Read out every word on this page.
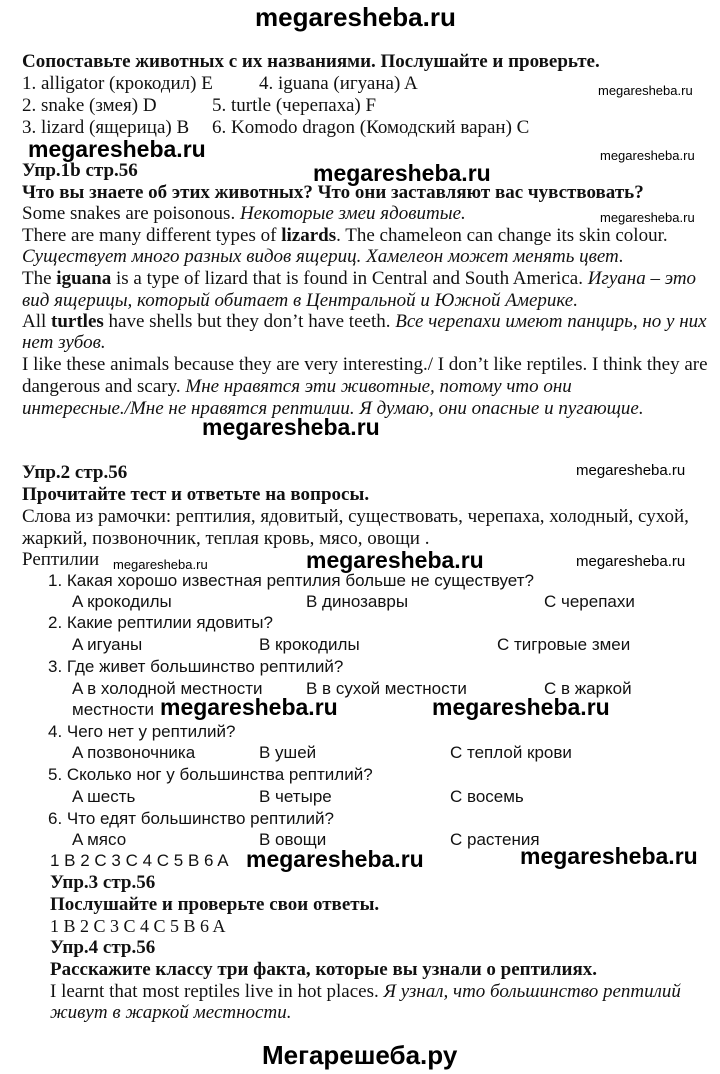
megaresheba.ru
Сопоставьте животных с их названиями. Послушайте и проверьте.
1. alligator (крокодил) E 4. iguana (игуана) A
2. snake (змея) D	5. turtle (черепаха) F
3. lizard (ящерица) B 6. Komodo dragon (Комодский варан) C
megaresheba.ru
megaresheba.ru
Упр.1b стр.56	megaresheba.ru
megaresheba.ru
Что вы знаете об этих животных? Что они заставляют вас чувствовать?
Some snakes are poisonous. Некоторые змеи ядовитые.	megaresheba.ru
There are many different types of lizards. The chameleon can change its skin colour.
Существует много разных видов ящериц. Хамелеон может менять цвет.
The iguana is a type of lizard that is found in Central and South America. Игуана – это
вид ящерицы, который обитает в Центральной и Южной Америке.
All turtles have shells but they don’t have teeth. Все черепахи имеют панцирь, но у них
нет зубов.
I like these animals because they are very interesting./ I don’t like reptiles. I think they are
dangerous and scary. Мне нравятся эти животные, потому что они
интересные./Мне не нравятся рептилии. Я думаю, они опасные и пугающие.
megaresheba.ru
Упр.2 стр.56	megaresheba.ru
Прочитайте тест и ответьте на вопросы.
Слова из рамочки: рептилия, ядовитый, существовать, черепаха, холодный, сухой,
жаркий, позвоночник, теплая кровь, мясо, овощи .
Рептилии megaresheba.ru	megaresheba.ru	megaresheba.ru
1. Какая хорошо известная рептилия больше не существует?
A крокодилы	B динозавры	C черепахи
2. Какие рептилии ядовиты?
A игуаны	B крокодилы	C тигровые змеи
3. Где живет большинство рептилий?
A в холодной местности	B в сухой местности	C в жаркой
местности megaresheba.ru	megaresheba.ru
4. Чего нет у рептилий?
A позвоночника	B ушей	C теплой крови
5. Сколько ног у большинства рептилий?
A шесть	B четыре	C восемь
6. Что едят большинство рептилий?
A мясо	B овощи	C растения
1 B 2 C 3 C 4 C 5 B 6 A megaresheba.ru	megaresheba.ru
Упр.3 стр.56
Послушайте и проверьте свои ответы.
1 B 2 C 3 C 4 C 5 B 6 A
Упр.4 стр.56
Расскажите классу три факта, которые вы узнали о рептилиях.
I learnt that most reptiles live in hot places. Я узнал, что большинство рептилий
живут в жаркой местности.
Мегарешеба.ру
